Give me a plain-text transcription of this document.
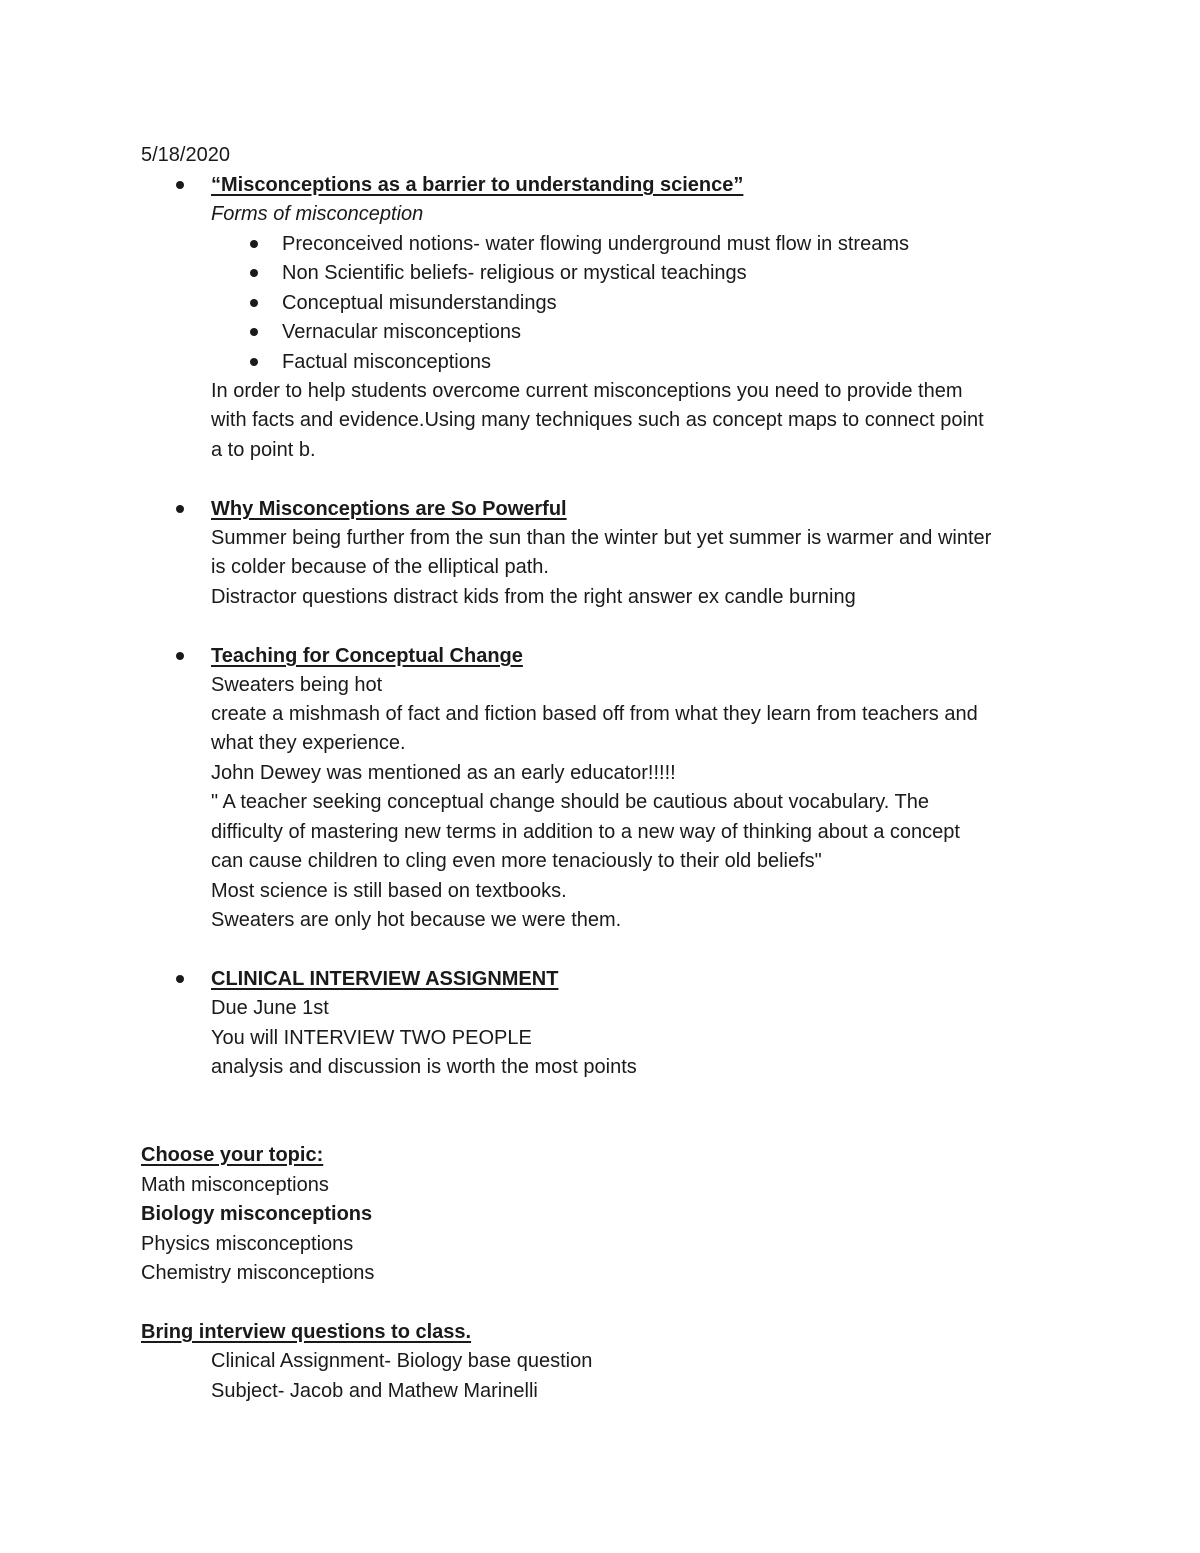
5/18/2020
“Misconceptions as a barrier to understanding science”
Forms of misconception
Preconceived notions- water flowing underground must flow in streams
Non Scientific beliefs- religious or mystical teachings
Conceptual misunderstandings
Vernacular misconceptions
Factual misconceptions
In order to help students overcome current misconceptions you need to provide them
with facts and evidence.Using many techniques such as concept maps to connect point
a to point b.
Why Misconceptions are So Powerful
Summer being further from the sun than the winter but yet summer is warmer and winter
is colder because of the elliptical path.
Distractor questions distract kids from the right answer ex candle burning
Teaching for Conceptual Change
Sweaters being hot
create a mishmash of fact and fiction based off from what they learn from teachers and
what they experience.
John Dewey was mentioned as an early educator!!!!!
" A teacher seeking conceptual change should be cautious about vocabulary. The
difficulty of mastering new terms in addition to a new way of thinking about a concept
can cause children to cling even more tenaciously to their old beliefs"
Most science is still based on textbooks.
Sweaters are only hot because we were them.
CLINICAL INTERVIEW ASSIGNMENT
Due June 1st
You will INTERVIEW TWO PEOPLE
analysis and discussion is worth the most points
Choose your topic:
Math misconceptions
Biology misconceptions
Physics misconceptions
Chemistry misconceptions
Bring interview questions to class.
Clinical Assignment- Biology base question
Subject- Jacob and Mathew Marinelli
